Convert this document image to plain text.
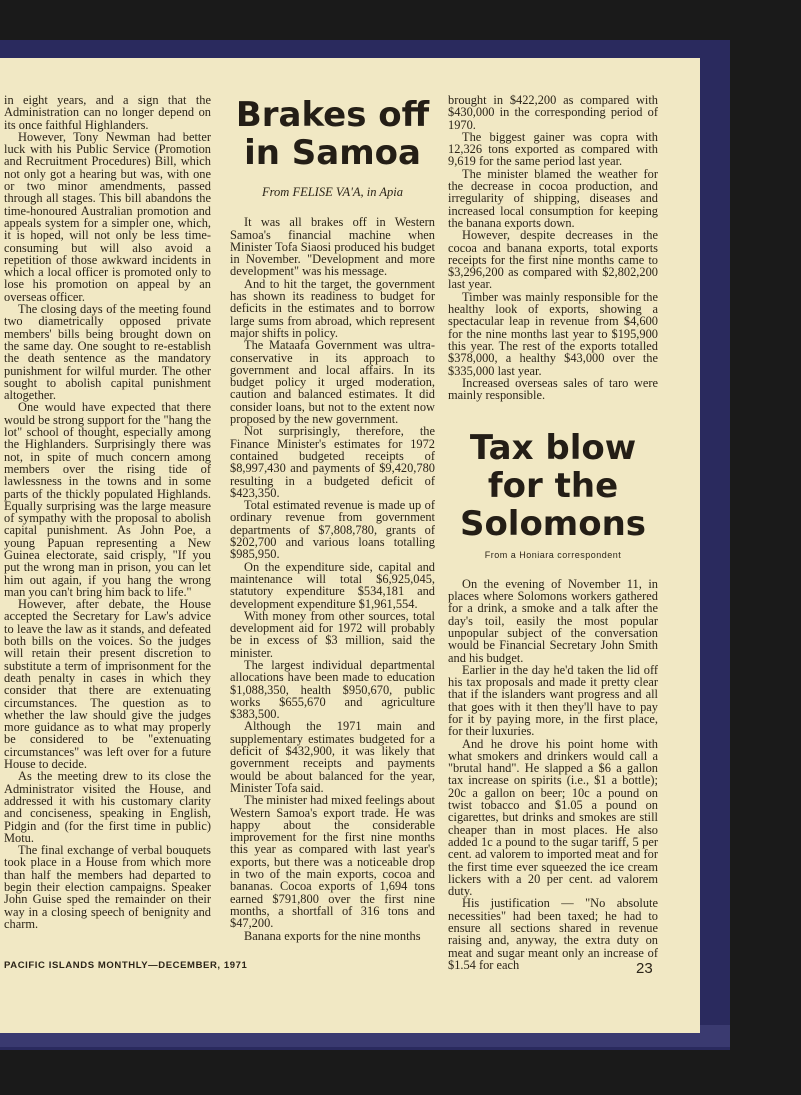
in eight years, and a sign that the Administration can no longer depend on its once faithful Highlanders.

However, Tony Newman had better luck with his Public Service (Promotion and Recruitment Procedures) Bill, which not only got a hearing but was, with one or two minor amendments, passed through all stages. This bill abandons the time-honoured Australian promotion and appeals system for a simpler one, which, it is hoped, will not only be less time-consuming but will also avoid a repetition of those awkward incidents in which a local officer is promoted only to lose his promotion on appeal by an overseas officer.

The closing days of the meeting found two diametrically opposed private members' bills being brought down on the same day. One sought to re-establish the death sentence as the mandatory punishment for wilful murder. The other sought to abolish capital punishment altogether.

One would have expected that there would be strong support for the "hang the lot" school of thought, especially among the Highlanders. Surprisingly there was not, in spite of much concern among members over the rising tide of lawlessness in the towns and in some parts of the thickly populated Highlands. Equally surprising was the large measure of sympathy with the proposal to abolish capital punishment. As John Poe, a young Papuan representing a New Guinea electorate, said crisply, "If you put the wrong man in prison, you can let him out again, if you hang the wrong man you can't bring him back to life."

However, after debate, the House accepted the Secretary for Law's advice to leave the law as it stands, and defeated both bills on the voices. So the judges will retain their present discretion to substitute a term of imprisonment for the death penalty in cases in which they consider that there are extenuating circumstances. The question as to whether the law should give the judges more guidance as to what may properly be considered to be "extenuating circumstances" was left over for a future House to decide.

As the meeting drew to its close the Administrator visited the House, and addressed it with his customary clarity and conciseness, speaking in English, Pidgin and (for the first time in public) Motu.

The final exchange of verbal bouquets took place in a House from which more than half the members had departed to begin their election campaigns. Speaker John Guise sped the remainder on their way in a closing speech of benignity and charm.

Brakes off in Samoa
From FELISE VA'A, in Apia

It was all brakes off in Western Samoa's financial machine when Minister Tofa Siaosi produced his budget in November. "Development and more development" was his message.

And to hit the target, the government has shown its readiness to budget for deficits in the estimates and to borrow large sums from abroad, which represent major shifts in policy.

The Mataafa Government was ultra-conservative in its approach to government and local affairs. In its budget policy it urged moderation, caution and balanced estimates. It did consider loans, but not to the extent now proposed by the new government.

Not surprisingly, therefore, the Finance Minister's estimates for 1972 contained budgeted receipts of $8,997,430 and payments of $9,420,780 resulting in a budgeted deficit of $423,350.

Total estimated revenue is made up of ordinary revenue from government departments of $7,808,780, grants of $202,700 and various loans totalling $985,950.

On the expenditure side, capital and maintenance will total $6,925,045, statutory expenditure $534,181 and development expenditure $1,961,554.

With money from other sources, total development aid for 1972 will probably be in excess of $3 million, said the minister.

The largest individual departmental allocations have been made to education $1,088,350, health $950,670, public works $655,670 and agriculture $383,500.

Although the 1971 main and supplementary estimates budgeted for a deficit of $432,900, it was likely that government receipts and payments would be about balanced for the year, Minister Tofa said.

The minister had mixed feelings about Western Samoa's export trade. He was happy about the considerable improvement for the first nine months this year as compared with last year's exports, but there was a noticeable drop in two of the main exports, cocoa and bananas. Cocoa exports of 1,694 tons earned $791,800 over the first nine months, a shortfall of 316 tons and $47,200.

Banana exports for the nine months

brought in $422,200 as compared with $430,000 in the corresponding period of 1970.

The biggest gainer was copra with 12,326 tons exported as compared with 9,619 for the same period last year.

The minister blamed the weather for the decrease in cocoa production, and irregularity of shipping, diseases and increased local consumption for keeping the banana exports down.

However, despite decreases in the cocoa and banana exports, total exports receipts for the first nine months came to $3,296,200 as compared with $2,802,200 last year.

Timber was mainly responsible for the healthy look of exports, showing a spectacular leap in revenue from $4,600 for the nine months last year to $195,900 this year. The rest of the exports totalled $378,000, a healthy $43,000 over the $335,000 last year.

Increased overseas sales of taro were mainly responsible.

Tax blow for the Solomons
From a Honiara correspondent

On the evening of November 11, in places where Solomons workers gathered for a drink, a smoke and a talk after the day's toil, easily the most popular unpopular subject of the conversation would be Financial Secretary John Smith and his budget.

Earlier in the day he'd taken the lid off his tax proposals and made it pretty clear that if the islanders want progress and all that goes with it then they'll have to pay for it by paying more, in the first place, for their luxuries.

And he drove his point home with what smokers and drinkers would call a "brutal hand". He slapped a $6 a gallon tax increase on spirits (i.e., $1 a bottle); 20c a gallon on beer; 10c a pound on twist tobacco and $1.05 a pound on cigarettes, but drinks and smokes are still cheaper than in most places. He also added 1c a pound to the sugar tariff, 5 per cent. ad valorem to imported meat and for the first time ever squeezed the ice cream lickers with a 20 per cent. ad valorem duty.

His justification — "No absolute necessities" had been taxed; he had to ensure all sections shared in revenue raising and, anyway, the extra duty on meat and sugar meant only an increase of $1.54 for each

PACIFIC ISLANDS MONTHLY—DECEMBER, 1971	23
